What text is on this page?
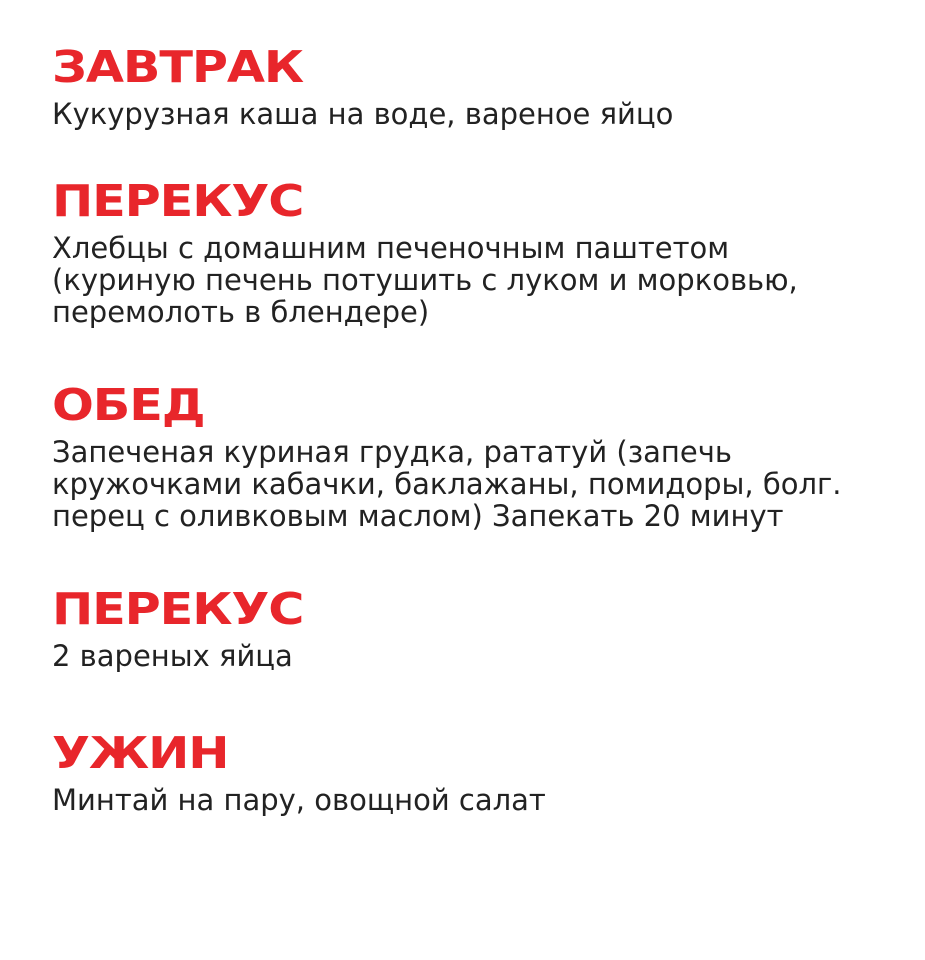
ЗАВТРАК

Кукурузная каша на воде, вареное яйцо

ПЕРЕКУС

Хлебцы с домашним печеночным паштетом
(куриную печень потушить с луком и морковью,
перемолоть в блендере)

ОБЕД

Запеченая куриная грудка, рататуй (запечь
кружочками кабачки, баклажаны, помидоры, болг.
перец с оливковым маслом) Запекать 20 минут

ПЕРЕКУС

2 вареных яйца

УЖИН

Минтай на пару, овощной салат
